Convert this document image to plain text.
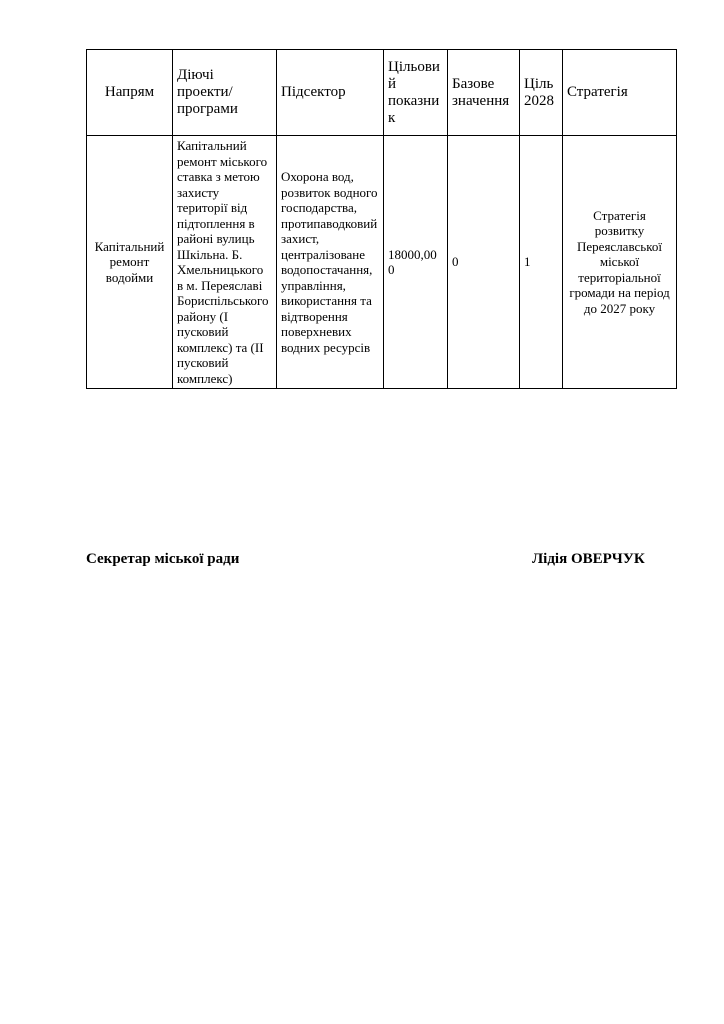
Напрям	Діючі проекти/ програми	Підсектор	Цільовий показник	Базове значення	Ціль 2028	Стратегія
Капітальний ремонт водойми	Капітальний ремонт міського ставка з метою захисту території від підтоплення в районі вулиць Шкільна. Б. Хмельницького в м. Переяславі Бориспільського району (I пусковий комплекс) та (II пусковий комплекс)	Охорона вод, розвиток водного господарства, протипаводковий захист, централізоване водопостачання, управління, використання та відтворення поверхневих водних ресурсів	18000,000	0	1	Стратегія розвитку Переяславської міської територіальної громади на період до 2027 року
Секретар міської ради	Лідія ОВЕРЧУК
